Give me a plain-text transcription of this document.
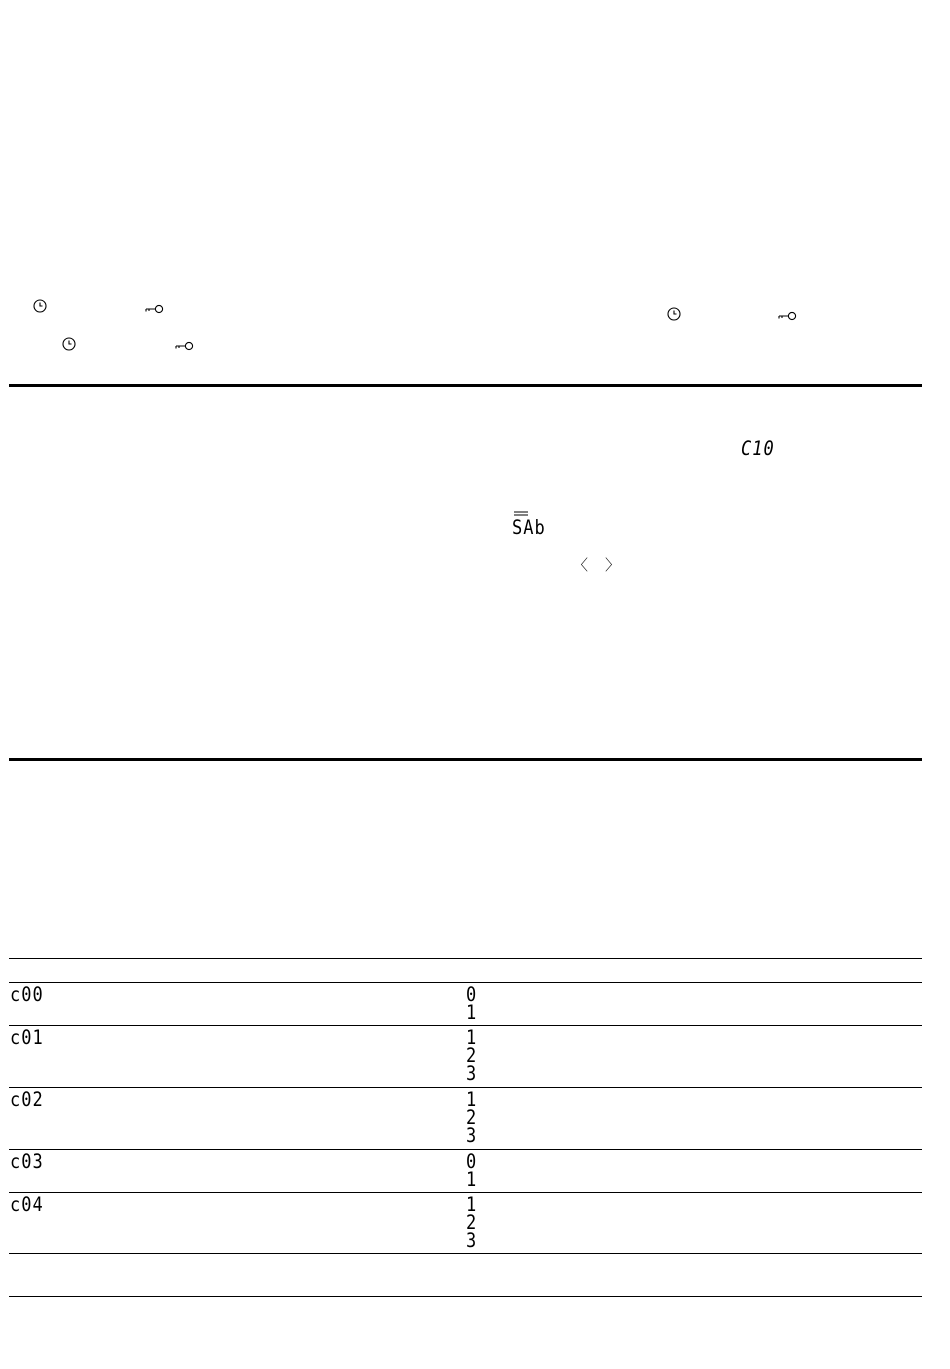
C10
SAb
〈 〉
c00	0
1
c01	1
2
3
c02	1
2
3
c03	0
1
c04	1
2
3
